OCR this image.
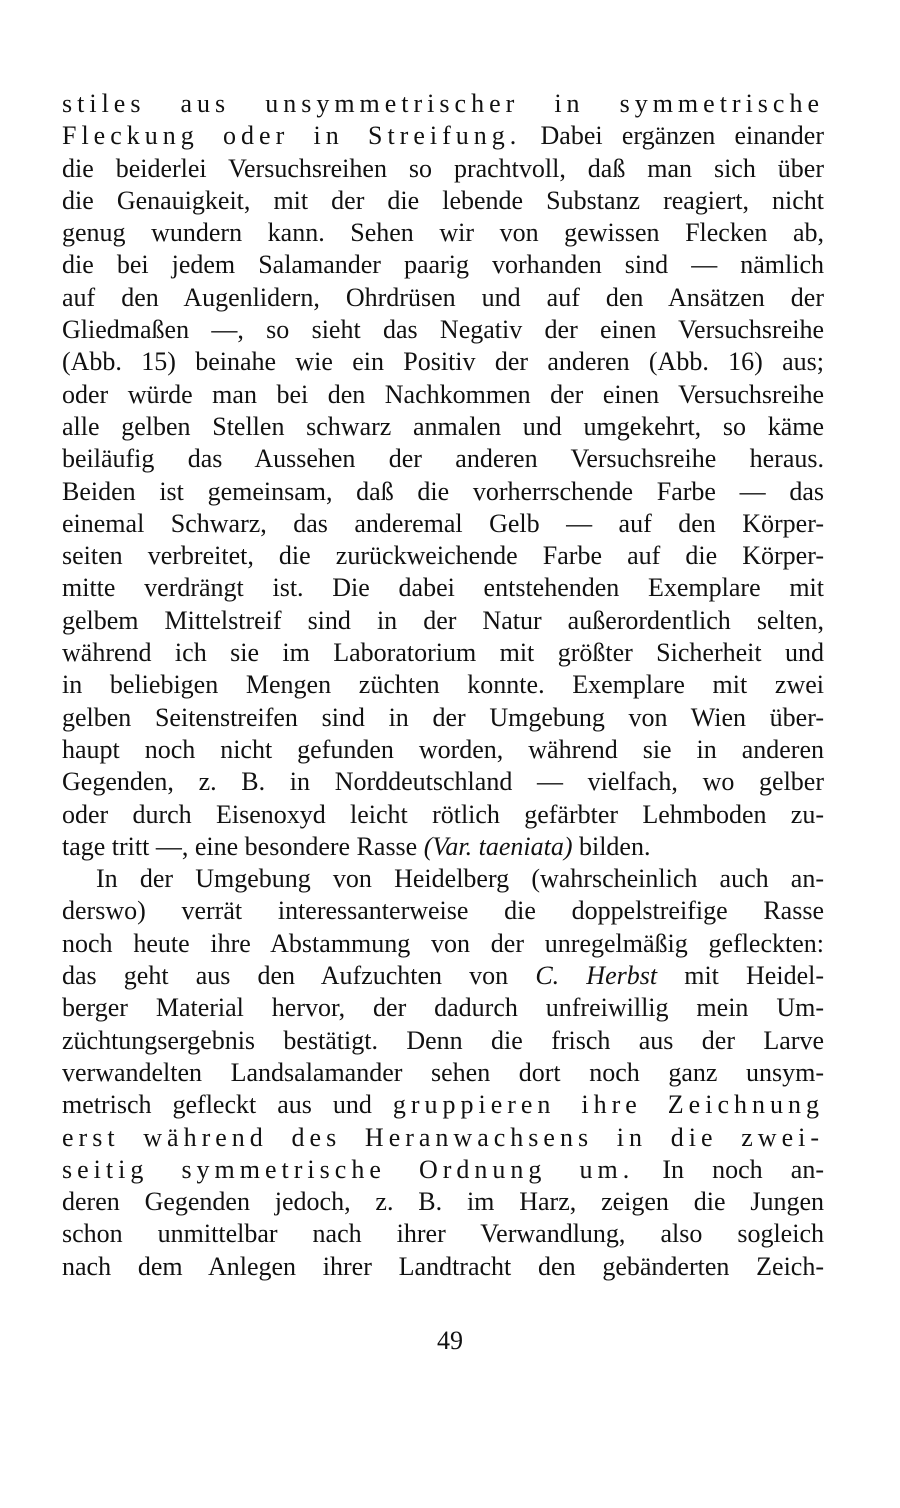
stiles aus unsymmetrischer in symmetrische
Fleckung oder in Streifung. Dabei ergänzen einander
die beiderlei Versuchsreihen so prachtvoll, daß man sich über
die Genauigkeit, mit der die lebende Substanz reagiert, nicht
genug wundern kann. Sehen wir von gewissen Flecken ab,
die bei jedem Salamander paarig vorhanden sind — nämlich
auf den Augenlidern, Ohrdrüsen und auf den Ansätzen der
Gliedmaßen —, so sieht das Negativ der einen Versuchsreihe
(Abb. 15) beinahe wie ein Positiv der anderen (Abb. 16) aus;
oder würde man bei den Nachkommen der einen Versuchsreihe
alle gelben Stellen schwarz anmalen und umgekehrt, so käme
beiläufig das Aussehen der anderen Versuchsreihe heraus.
Beiden ist gemeinsam, daß die vorherrschende Farbe — das
einemal Schwarz, das anderemal Gelb — auf den Körper-
seiten verbreitet, die zurückweichende Farbe auf die Körper-
mitte verdrängt ist. Die dabei entstehenden Exemplare mit
gelbem Mittelstreif sind in der Natur außerordentlich selten,
während ich sie im Laboratorium mit größter Sicherheit und
in beliebigen Mengen züchten konnte. Exemplare mit zwei
gelben Seitenstreifen sind in der Umgebung von Wien über-
haupt noch nicht gefunden worden, während sie in anderen
Gegenden, z. B. in Norddeutschland — vielfach, wo gelber
oder durch Eisenoxyd leicht rötlich gefärbter Lehmboden zu-
tage tritt —, eine besondere Rasse (Var. taeniata) bilden.
In der Umgebung von Heidelberg (wahrscheinlich auch an-
derswo) verrät interessanterweise die doppelstreifige Rasse
noch heute ihre Abstammung von der unregelmäßig gefleckten:
das geht aus den Aufzuchten von C. Herbst mit Heidel-
berger Material hervor, der dadurch unfreiwillig mein Um-
züchtungsergebnis bestätigt. Denn die frisch aus der Larve
verwandelten Landsalamander sehen dort noch ganz unsym-
metrisch gefleckt aus und gruppieren ihre Zeichnung
erst während des Heranwachsens in die zwei-
seitig symmetrische Ordnung um. In noch an-
deren Gegenden jedoch, z. B. im Harz, zeigen die Jungen
schon unmittelbar nach ihrer Verwandlung, also sogleich
nach dem Anlegen ihrer Landtracht den gebänderten Zeich-
49
